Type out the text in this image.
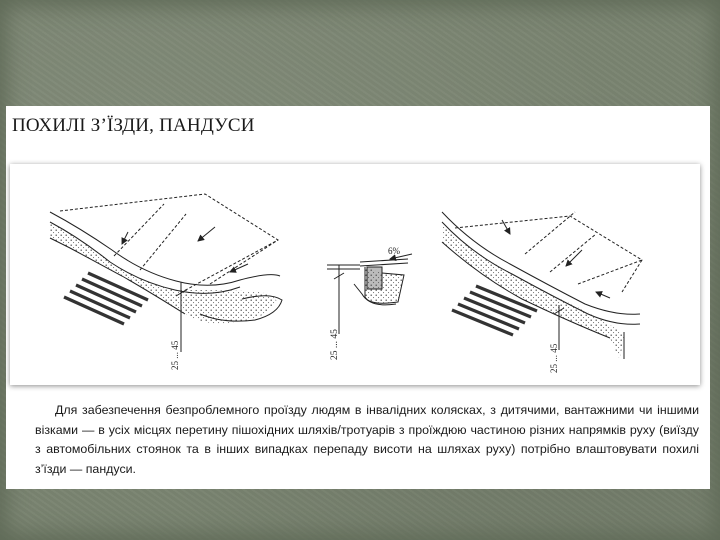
ПОХИЛІ З’ЇЗДИ, ПАНДУСИ
25 ... 45
6%
25 ... 45	25 ... 45

Для забезпечення безпроблемного проїзду людям в інвалідних колясках, з дитячими, вантажними чи іншими візками — в усіх місцях перетину пішохідних шляхів/тротуарів з проїждюю частиною різних напрямків руху (виїзду з автомобільних стоянок та в інших випадках перепаду висоти на шляхах руху) потрібно влаштовувати похилі з’їзди — пандуси.
